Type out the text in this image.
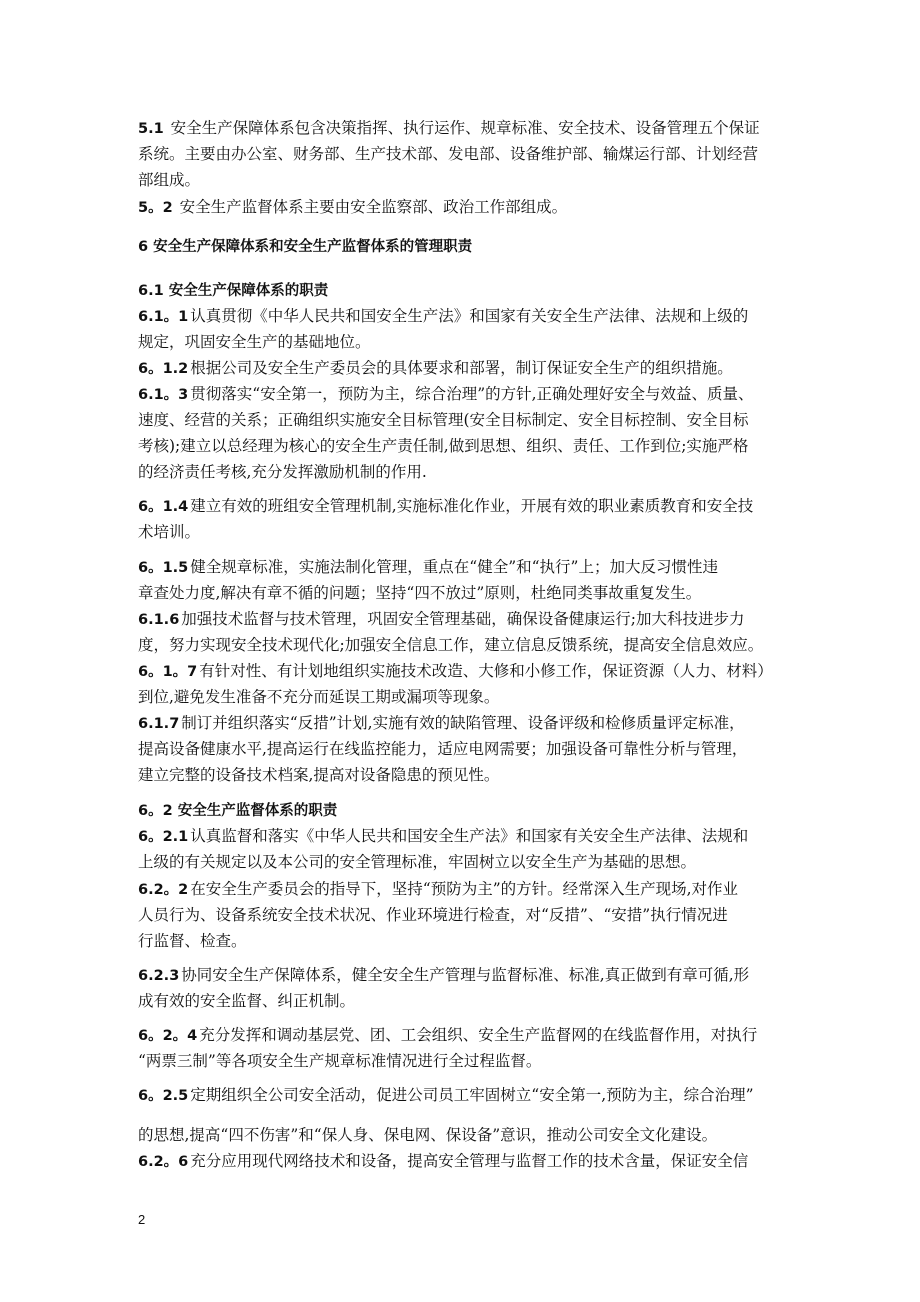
2
5.1 安全生产保障体系包含决策指挥、执行运作、规章标准、安全技术、设备管理五个保证
系统。主要由办公室、财务部、生产技术部、发电部、设备维护部、输煤运行部、计划经营
部组成。
5。2 安全生产监督体系主要由安全监察部、政治工作部组成。
6 安全生产保障体系和安全生产监督体系的管理职责
6.1 安全生产保障体系的职责
6.1。1 认真贯彻《中华人民共和国安全生产法》和国家有关安全生产法律、法规和上级的
规定，巩固安全生产的基础地位。
6。1.2 根据公司及安全生产委员会的具体要求和部署，制订保证安全生产的组织措施。
6.1。3 贯彻落实“安全第一，预防为主，综合治理”的方针,正确处理好安全与效益、质量、
速度、经营的关系；正确组织实施安全目标管理(安全目标制定、安全目标控制、安全目标
考核);建立以总经理为核心的安全生产责任制,做到思想、组织、责任、工作到位;实施严格
的经济责任考核,充分发挥激励机制的作用.
6。1.4 建立有效的班组安全管理机制,实施标准化作业，开展有效的职业素质教育和安全技
术培训。
6。1.5 健全规章标准，实施法制化管理，重点在“健全”和“执行”上；加大反习惯性违
章查处力度,解决有章不循的问题；坚持“四不放过”原则，杜绝同类事故重复发生。
6.1.6 加强技术监督与技术管理，巩固安全管理基础，确保设备健康运行;加大科技进步力
度，努力实现安全技术现代化;加强安全信息工作，建立信息反馈系统，提高安全信息效应。
6。1。7 有针对性、有计划地组织实施技术改造、大修和小修工作，保证资源（人力、材料）
到位,避免发生准备不充分而延误工期或漏项等现象。
6.1.7 制订并组织落实“反措”计划,实施有效的缺陷管理、设备评级和检修质量评定标准，
提高设备健康水平,提高运行在线监控能力，适应电网需要；加强设备可靠性分析与管理，
建立完整的设备技术档案,提高对设备隐患的预见性。
6。2 安全生产监督体系的职责
6。2.1 认真监督和落实《中华人民共和国安全生产法》和国家有关安全生产法律、法规和
上级的有关规定以及本公司的安全管理标准，牢固树立以安全生产为基础的思想。
6.2。2 在安全生产委员会的指导下，坚持“预防为主”的方针。经常深入生产现场,对作业
人员行为、设备系统安全技术状况、作业环境进行检查，对“反措”、“安措”执行情况进
行监督、检查。
6.2.3 协同安全生产保障体系，健全安全生产管理与监督标准、标准,真正做到有章可循,形
成有效的安全监督、纠正机制。
6。2。4 充分发挥和调动基层党、团、工会组织、安全生产监督网的在线监督作用，对执行
“两票三制”等各项安全生产规章标准情况进行全过程监督。
6。2.5 定期组织全公司安全活动，促进公司员工牢固树立“安全第一,预防为主，综合治理”
的思想,提高“四不伤害”和“保人身、保电网、保设备”意识，推动公司安全文化建设。
6.2。6 充分应用现代网络技术和设备，提高安全管理与监督工作的技术含量，保证安全信
